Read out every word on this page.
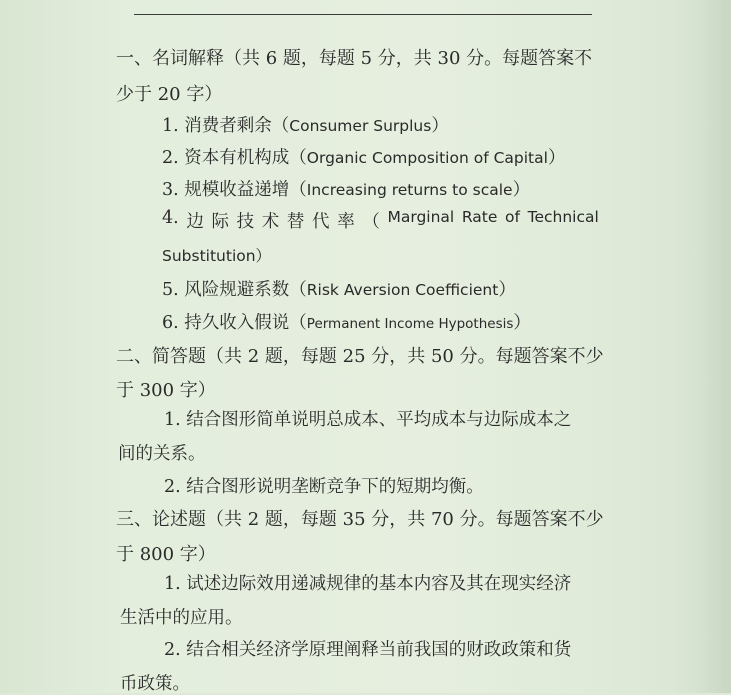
一、名词解释（共 6 题，每题 5 分，共 30 分。每题答案不
少于 20 字）
1. 消费者剩余（Consumer Surplus）
2. 资本有机构成（Organic Composition of Capital）
3. 规模收益递增（Increasing returns to scale）
4. 边 际 技 术 替 代 率 （ Marginal Rate of Technical
Substitution）
5. 风险规避系数（Risk Aversion Coefficient）
6. 持久收入假说（Permanent Income Hypothesis）
二、简答题（共 2 题，每题 25 分，共 50 分。每题答案不少
于 300 字）
1. 结合图形简单说明总成本、平均成本与边际成本之
间的关系。
2. 结合图形说明垄断竞争下的短期均衡。
三、论述题（共 2 题，每题 35 分，共 70 分。每题答案不少
于 800 字）
1. 试述边际效用递减规律的基本内容及其在现实经济
生活中的应用。
2. 结合相关经济学原理阐释当前我国的财政政策和货
币政策。
